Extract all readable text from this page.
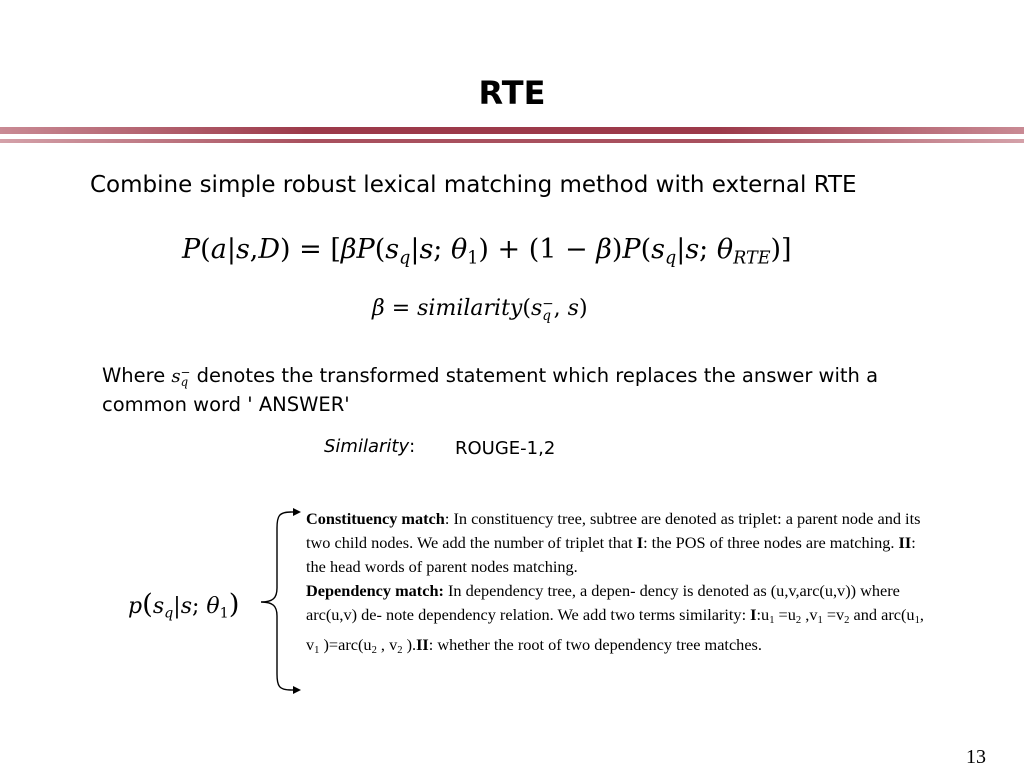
RTE
Combine simple robust lexical matching method with external RTE
$P(a|s,D) = [\beta P(s_q|s$; $\theta_1) + (1 - \beta)P(s_q|s$; $\theta_{RTE}$)]
β = similarity(s −
q , s)
Where s −
q denotes the transformed statement which replaces the answer with a common word ' ANSWER'
Similarity: ROUGE-1,2
$p(s_q|s$; $\theta_1$)

Constituency match: In constituency tree, subtree are denoted as triplet: a parent node and its two child nodes. We add the number of triplet that I: the POS of three nodes are matching. II: the head words of parent nodes matching.

Dependency match: In dependency tree, a depen- dency is denoted as (u,v,arc(u,v)) where arc(u,v) de- note dependency relation. We add two terms similarity: $I:u_1 =u_2$ $,v_1 =v_2$ and $arc(u_1$, $v_1$ )$=arc(u_2$ , $v_2$ ).II: whether the root of two dependency tree matches.

13
